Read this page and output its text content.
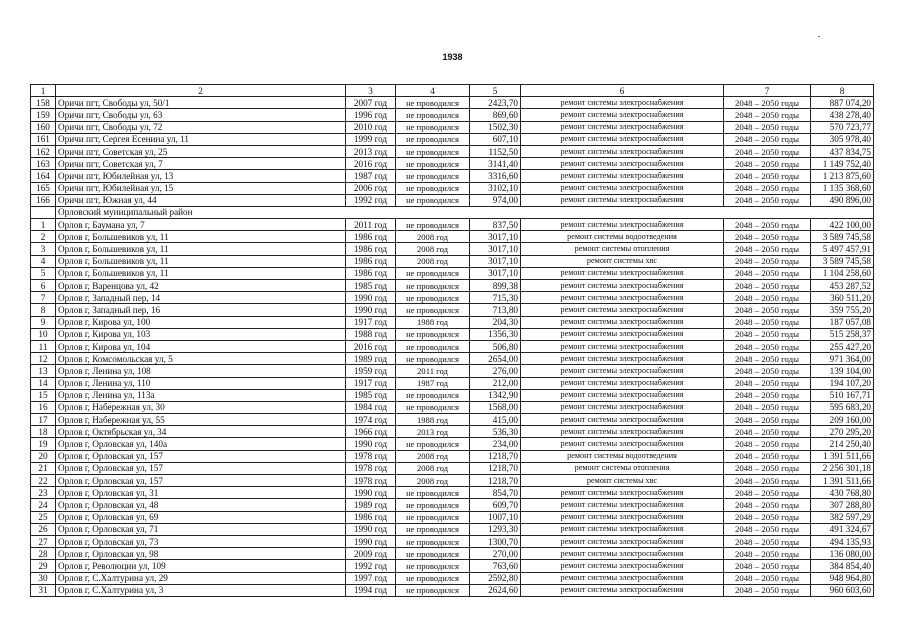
1938
1	2	3	4	5	6	7	8
158	Оричи пгт, Свободы ул, 50/1	2007 год	не проводился	2423,70	ремонт системы электроснабжения	2048 – 2050 годы	887 074,20
159	Оричи пгт, Свободы ул, 63	1996 год	не проводился	869,60	ремонт системы электроснабжения	2048 – 2050 годы	438 278,40
160	Оричи пгт, Свободы ул, 72	2010 год	не проводился	1502,30	ремонт системы электроснабжения	2048 – 2050 годы	570 723,77
161	Оричи пгт, Сергея Есенина ул, 11	1999 год	не проводился	607,10	ремонт системы электроснабжения	2048 – 2050 годы	305 978,40
162	Оричи пгт, Советская ул, 25	2013 год	не проводился	1152,50	ремонт системы электроснабжения	2048 – 2050 годы	437 834,75
163	Оричи пгт, Советская ул, 7	2016 год	не проводился	3141,40	ремонт системы электроснабжения	2048 – 2050 годы	1 149 752,40
164	Оричи пгт, Юбилейная ул, 13	1987 год	не проводился	3316,60	ремонт системы электроснабжения	2048 – 2050 годы	1 213 875,60
165	Оричи пгт, Юбилейная ул, 15	2006 год	не проводился	3102,10	ремонт системы электроснабжения	2048 – 2050 годы	1 135 368,60
166	Оричи пгт, Южная ул, 44	1992 год	не проводился	974,00	ремонт системы электроснабжения	2048 – 2050 годы	490 896,00
	Орловский муниципальный район						
1	Орлов г, Баумана ул, 7	2011 год	не проводился	837,50	ремонт системы электроснабжения	2048 – 2050 годы	422 100,00
2	Орлов г, Большевиков ул, 11	1986 год	2008 год	3017,10	ремонт системы водоотведения	2048 – 2050 годы	3 589 745,58
3	Орлов г, Большевиков ул, 11	1986 год	2008 год	3017,10	ремонт системы отопления	2048 – 2050 годы	5 497 457,91
4	Орлов г, Большевиков ул, 11	1986 год	2008 год	3017,10	ремонт системы хвс	2048 – 2050 годы	3 589 745,58
5	Орлов г, Большевиков ул, 11	1986 год	не проводился	3017,10	ремонт системы электроснабжения	2048 – 2050 годы	1 104 258,60
6	Орлов г, Варенцова ул, 42	1985 год	не проводился	899,38	ремонт системы электроснабжения	2048 – 2050 годы	453 287,52
7	Орлов г, Западный пер, 14	1990 год	не проводился	715,30	ремонт системы электроснабжения	2048 – 2050 годы	360 511,20
8	Орлов г, Западный пер, 16	1990 год	не проводился	713,80	ремонт системы электроснабжения	2048 – 2050 годы	359 755,20
9	Орлов г, Кирова ул, 100	1917 год	1988 год	204,30	ремонт системы электроснабжения	2048 – 2050 годы	187 057,08
10	Орлов г, Кирова ул, 103	1988 год	не проводился	1356,30	ремонт системы электроснабжения	2048 – 2050 годы	515 258,37
11	Орлов г, Кирова ул, 104	2016 год	не проводился	506,80	ремонт системы электроснабжения	2048 – 2050 годы	255 427,20
12	Орлов г, Комсомольская ул, 5	1989 год	не проводился	2654,00	ремонт системы электроснабжения	2048 – 2050 годы	971 364,00
13	Орлов г, Ленина ул, 108	1959 год	2011 год	276,00	ремонт системы электроснабжения	2048 – 2050 годы	139 104,00
14	Орлов г, Ленина ул, 110	1917 год	1987 год	212,00	ремонт системы электроснабжения	2048 – 2050 годы	194 107,20
15	Орлов г, Ленина ул, 113а	1985 год	не проводился	1342,90	ремонт системы электроснабжения	2048 – 2050 годы	510 167,71
16	Орлов г, Набережная ул, 30	1984 год	не проводился	1568,00	ремонт системы электроснабжения	2048 – 2050 годы	595 683,20
17	Орлов г, Набережная ул, 55	1974 год	1988 год	415,00	ремонт системы электроснабжения	2048 – 2050 годы	209 160,00
18	Орлов г, Октябрьская ул, 34	1966 год	2013 год	536,30	ремонт системы электроснабжения	2048 – 2050 годы	270 295,20
19	Орлов г, Орловская ул, 140а	1990 год	не проводился	234,00	ремонт системы электроснабжения	2048 – 2050 годы	214 250,40
20	Орлов г, Орловская ул, 157	1978 год	2008 год	1218,70	ремонт системы водоотведения	2048 – 2050 годы	1 391 511,66
21	Орлов г, Орловская ул, 157	1978 год	2008 год	1218,70	ремонт системы отопления	2048 – 2050 годы	2 256 301,18
22	Орлов г, Орловская ул, 157	1978 год	2008 год	1218,70	ремонт системы хвс	2048 – 2050 годы	1 391 511,66
23	Орлов г, Орловская ул, 31	1990 год	не проводился	854,70	ремонт системы электроснабжения	2048 – 2050 годы	430 768,80
24	Орлов г, Орловская ул, 48	1989 год	не проводился	609,70	ремонт системы электроснабжения	2048 – 2050 годы	307 288,80
25	Орлов г, Орловская ул, 69	1986 год	не проводился	1007,10	ремонт системы электроснабжения	2048 – 2050 годы	382 597,29
26	Орлов г, Орловская ул, 71	1990 год	не проводился	1293,30	ремонт системы электроснабжения	2048 – 2050 годы	491 324,67
27	Орлов г, Орловская ул, 73	1990 год	не проводился	1300,70	ремонт системы электроснабжения	2048 – 2050 годы	494 135,93
28	Орлов г, Орловская ул, 98	2009 год	не проводился	270,00	ремонт системы электроснабжения	2048 – 2050 годы	136 080,00
29	Орлов г, Революции ул, 109	1992 год	не проводился	763,60	ремонт системы электроснабжения	2048 – 2050 годы	384 854,40
30	Орлов г, С.Халтурина ул, 29	1997 год	не проводился	2592,80	ремонт системы электроснабжения	2048 – 2050 годы	948 964,80
31	Орлов г, С.Халтурина ул, 3	1994 год	не проводился	2624,60	ремонт системы электроснабжения	2048 – 2050 годы	960 603,60
